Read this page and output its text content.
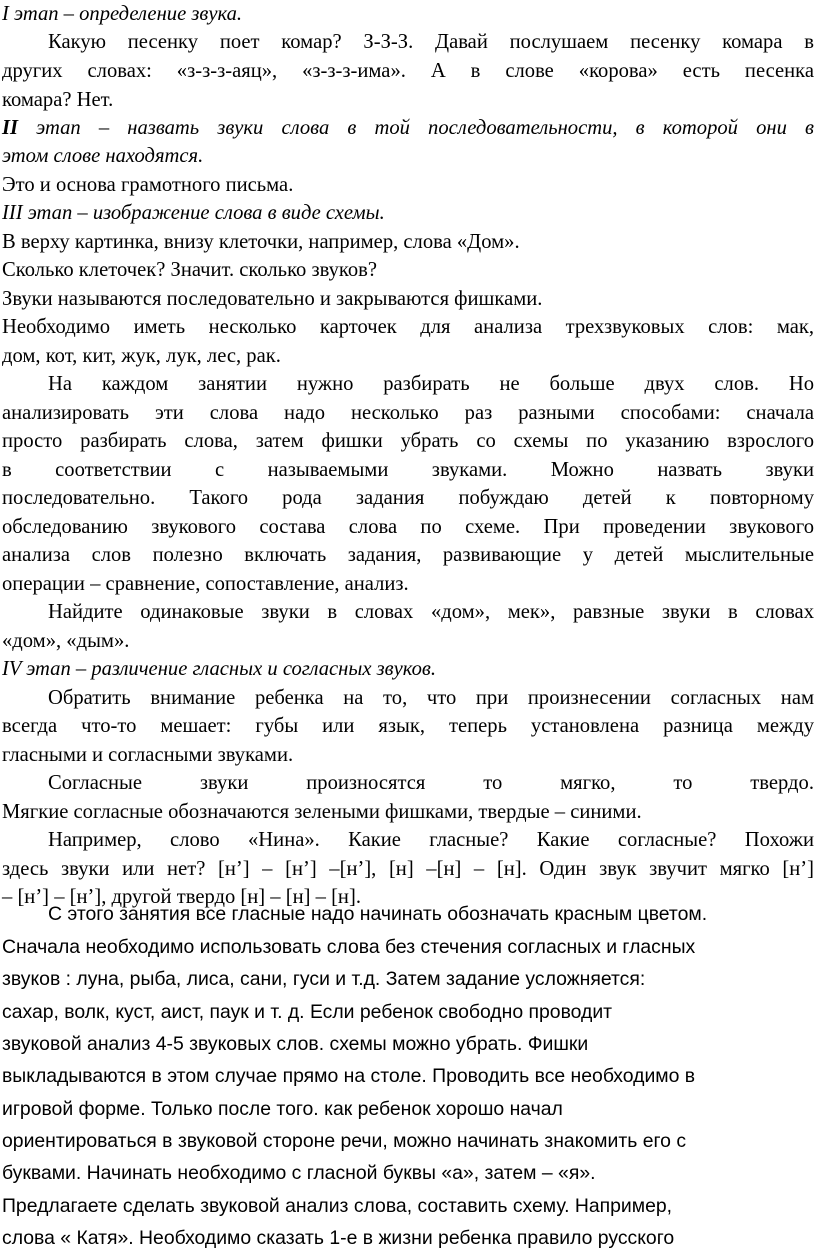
I этап – определение звука.
Какую песенку поет комар? З-З-З. Давай послушаем песенку комара в
других словах: «з-з-з-аяц», «з-з-з-има». А в слове «корова» есть песенка
комара? Нет.
II этап – назвать звуки слова в той последовательности, в которой они в
этом слове находятся.
Это и основа грамотного письма.
III этап – изображение слова в виде схемы.
В верху картинка, внизу клеточки, например, слова «Дом».
Сколько клеточек? Значит. сколько звуков?
Звуки называются последовательно и закрываются фишками.
Необходимо иметь несколько карточек для анализа трехзвуковых слов: мак,
дом, кот, кит, жук, лук, лес, рак.
На каждом занятии нужно разбирать не больше двух слов. Но
анализировать эти слова надо несколько раз разными способами: сначала
просто разбирать слова, затем фишки убрать со схемы по указанию взрослого
в соответствии с называемыми звуками. Можно назвать звуки
последовательно. Такого рода задания побуждаю детей к повторному
обследованию звукового состава слова по схеме. При проведении звукового
анализа слов полезно включать задания, развивающие у детей мыслительные
операции – сравнение, сопоставление, анализ.
Найдите одинаковые звуки в словах «дом», мек», равзные звуки в словах
«дом», «дым».
IV этап – различение гласных и согласных звуков.
Обратить внимание ребенка на то, что при произнесении согласных нам
всегда что-то мешает: губы или язык, теперь установлена разница между
гласными и согласными звуками.
Согласные звуки произносятся то мягко, то твердо.
Мягкие согласные обозначаются зелеными фишками, твердые – синими.
Например, слово «Нина». Какие гласные? Какие согласные? Похожи
здесь звуки или нет? [н’] – [н’] –[н’], [н] –[н] – [н]. Один звук звучит мягко [н’]
– [н’] – [н’], другой твердо [н] – [н] – [н].
С этого занятия все гласные надо начинать обозначать красным цветом.
Сначала необходимо использовать слова без стечения согласных и гласных
звуков : луна, рыба, лиса, сани, гуси и т.д. Затем задание усложняется:
сахар, волк, куст, аист, паук и т. д. Если ребенок свободно проводит
звуковой анализ 4-5 звуковых слов. схемы можно убрать. Фишки
выкладываются в этом случае прямо на столе. Проводить все необходимо в
игровой форме. Только после того. как ребенок хорошо начал
ориентироваться в звуковой стороне речи, можно начинать знакомить его с
буквами. Начинать необходимо с гласной буквы «а», затем – «я».
Предлагаете сделать звуковой анализ слова, составить схему. Например,
слова « Катя». Необходимо сказать 1-е в жизни ребенка правило русского
